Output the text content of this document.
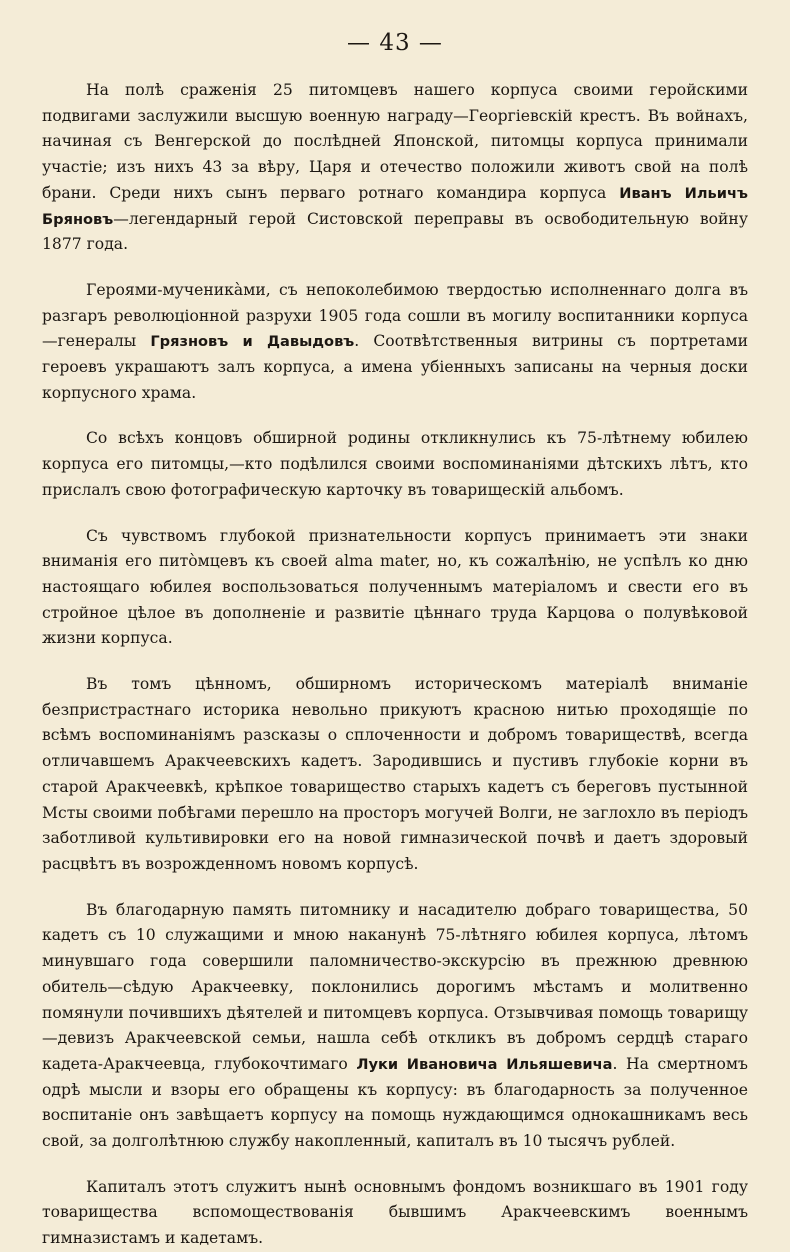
— 43 —

На полѣ сраженія 25 питомцевъ нашего корпуса своими геройскими подвигами заслужили высшую военную награду—Георгіевскій крестъ. Въ войнахъ, начиная съ Венгерской до послѣдней Японской, питомцы корпуса принимали участіе; изъ нихъ 43 за вѣру, Царя и отечество положили животъ свой на полѣ брани. Среди нихъ сынъ перваго ротнаго командира корпуса Иванъ Ильичъ Бряновъ—легендарный герой Систовской переправы въ освободительную войну 1877 года.

Героями-мученикàми, съ непоколебимою твердостью исполненнаго долга въ разгаръ революціонной разрухи 1905 года сошли въ могилу воспитанники корпуса—генералы Грязновъ и Давыдовъ. Соотвѣтственныя витрины съ портретами героевъ украшаютъ залъ корпуса, а имена убіенныхъ записаны на черныя доски корпусного храма.

Со всѣхъ концовъ обширной родины откликнулись къ 75-лѣтнему юбилею корпуса его питомцы,—кто подѣлился своими воспоминаніями дѣтскихъ лѣтъ, кто прислалъ свою фотографическую карточку въ товарищескій альбомъ.

Съ чувствомъ глубокой признательности корпусъ принимаетъ эти знаки вниманія его питòмцевъ къ своей alma mater, но, къ сожалѣнію, не успѣлъ ко дню настоящаго юбилея воспользоваться полученнымъ матеріаломъ и свести его въ стройное цѣлое въ дополненіе и развитіе цѣннаго труда Карцова о полувѣковой жизни корпуса.

Въ томъ цѣнномъ, обширномъ историческомъ матеріалѣ вниманіе безпристрастнаго историка невольно прикуютъ красною нитью проходящіе по всѣмъ воспоминаніямъ разсказы о сплоченности и добромъ товариществѣ, всегда отличавшемъ Аракчеевскихъ кадетъ. Зародившись и пустивъ глубокіе корни въ старой Аракчеевкѣ, крѣпкое товарищество старыхъ кадетъ съ береговъ пустынной Мсты своими побѣгами перешло на просторъ могучей Волги, не заглохло въ періодъ заботливой культивировки его на новой гимназической почвѣ и даетъ здоровый расцвѣтъ въ возрожденномъ новомъ корпусѣ.

Въ благодарную память питомнику и насадителю добраго товарищества, 50 кадетъ съ 10 служащими и мною наканунѣ 75-лѣтняго юбилея корпуса, лѣтомъ минувшаго года совершили паломничество-экскурсію въ прежнюю древнюю обитель—сѣдую Аракчеевку, поклонились дорогимъ мѣстамъ и молитвенно помянули почившихъ дѣятелей и питомцевъ корпуса. Отзывчивая помощь товарищу—девизъ Аракчеевской семьи, нашла себѣ откликъ въ добромъ сердцѣ стараго кадета-Аракчеевца, глубокочтимаго Луки Ивановича Ильяшевича. На смертномъ одрѣ мысли и взоры его обращены къ корпусу: въ благодарность за полученное воспитаніе онъ завѣщаетъ корпусу на помощь нуждающимся однокашникамъ весь свой, за долголѣтнюю службу накопленный, капиталъ въ 10 тысячъ рублей.

Капиталъ этотъ служитъ нынѣ основнымъ фондомъ возникшаго въ 1901 году товарищества вспомоществованія бывшимъ Аракчеевскимъ военнымъ гимназистамъ и кадетамъ.
